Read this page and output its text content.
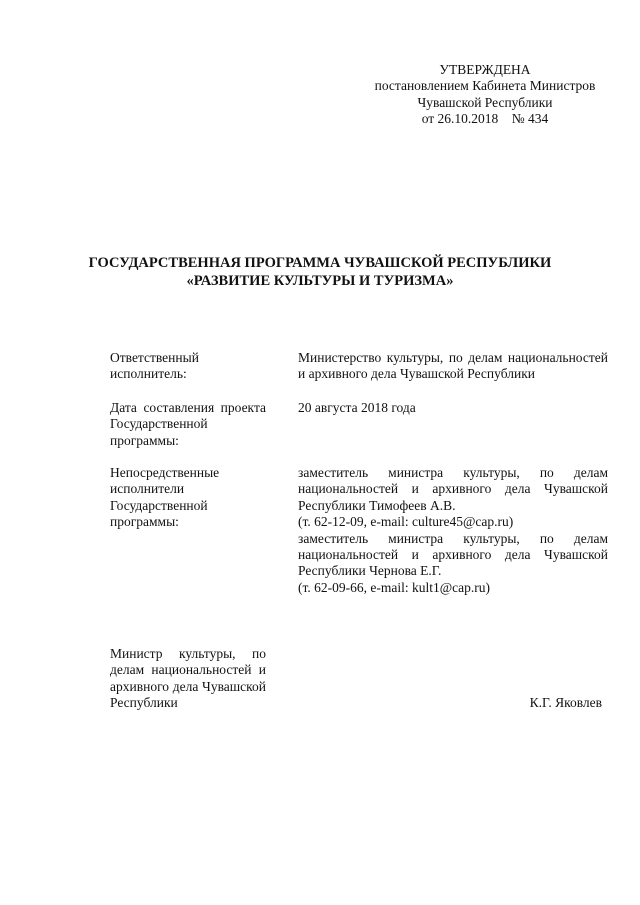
УТВЕРЖДЕНА
постановлением Кабинета Министров
Чувашской Республики
от 26.10.2018    № 434
ГОСУДАРСТВЕННАЯ ПРОГРАММА ЧУВАШСКОЙ РЕСПУБЛИКИ
«РАЗВИТИЕ КУЛЬТУРЫ И ТУРИЗМА»
Ответственный исполнитель:
Министерство культуры, по делам национальностей и архивного дела Чувашской Республики
Дата составления проекта Государственной программы:
20 августа 2018 года
Непосредственные исполнители Государственной программы:
заместитель министра культуры, по делам национальностей и архивного дела Чувашской Республики Тимофеев А.В.
(т. 62-12-09, e-mail: culture45@cap.ru)
заместитель министра культуры, по делам национальностей и архивного дела Чувашской Республики Чернова Е.Г.
(т. 62-09-66, e-mail: kult1@cap.ru)
Министр культуры, по делам национальностей и архивного дела Чувашской Республики	К.Г. Яковлев
